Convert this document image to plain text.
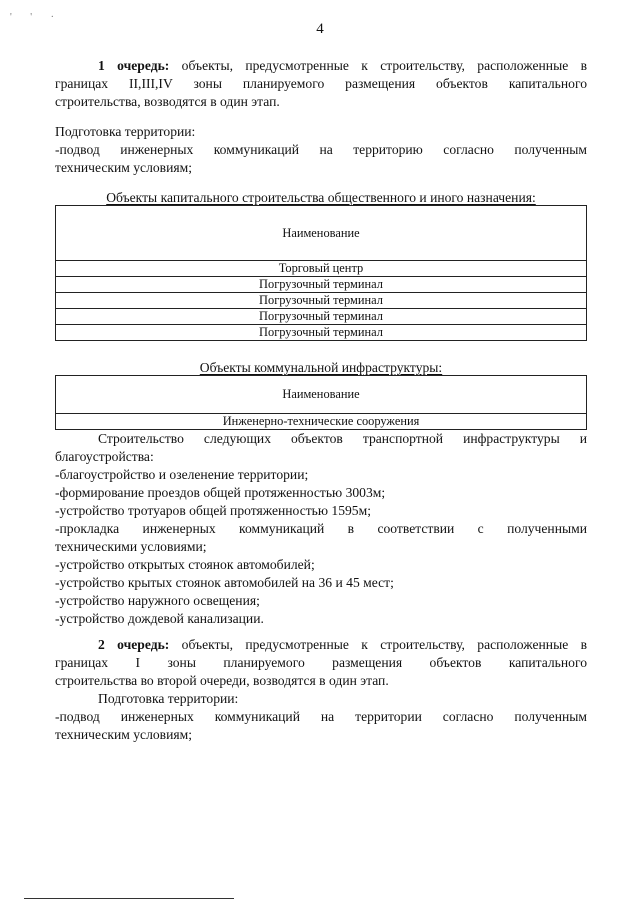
' ' ·
4

1 очередь: объекты, предусмотренные к строительству, расположенные в

границах II,III,IV зоны планируемого размещения объектов капитального

строительства, возводятся в один этап.

Подготовка территории:

-подвод инженерных коммуникаций на территорию согласно полученным

техническим условиям;

Объекты капитального строительства общественного и иного назначения:

Наименование
Торговый центр
Погрузочный терминал
Погрузочный терминал
Погрузочный терминал
Погрузочный терминал

Объекты коммунальной инфраструктуры:

Наименование
Инженерно-технические сооружения

Строительство следующих объектов транспортной инфраструктуры и

благоустройства:

-благоустройство и озеленение территории;

-формирование проездов общей протяженностью 3003м;

-устройство тротуаров общей протяженностью 1595м;

-прокладка инженерных коммуникаций в соответствии с полученными

техническими условиями;

-устройство открытых стоянок автомобилей;

-устройство крытых стоянок автомобилей на 36 и 45 мест;

-устройство наружного освещения;

-устройство дождевой канализации.

2 очередь: объекты, предусмотренные к строительству, расположенные в

границах I зоны планируемого размещения объектов капитального

строительства во второй очереди, возводятся в один этап.

Подготовка территории:

-подвод инженерных коммуникаций на территории согласно полученным

техническим условиям;
